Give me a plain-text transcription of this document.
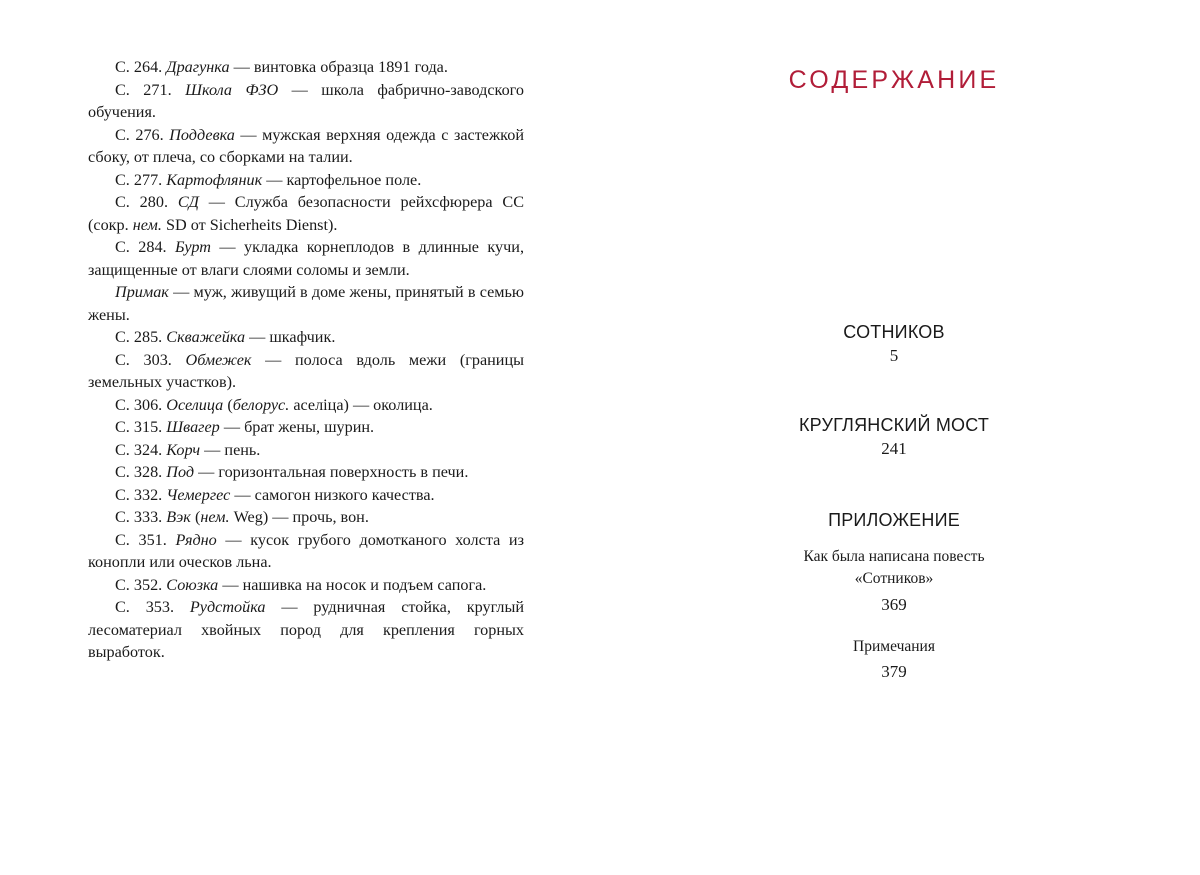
С. 264. Драгунка — винтовка образца 1891 года.

С. 271. Школа ФЗО — школа фабрично-заводского обучения.

С. 276. Поддевка — мужская верхняя одежда с застежкой сбоку, от плеча, со сборками на талии.

С. 277. Картофляник — картофельное поле.

С. 280. СД — Служба безопасности рейхсфюрера СС (сокр. нем. SD от Sicherheits Dienst).

С. 284. Бурт — укладка корнеплодов в длинные кучи, защищенные от влаги слоями соломы и земли.

Примак — муж, живущий в доме жены, принятый в семью жены.

С. 285. Скважейка — шкафчик.

С. 303. Обмежек — полоса вдоль межи (границы земельных участков).

С. 306. Оселица (белорус. аселіца) — околица.

С. 315. Швагер — брат жены, шурин.

С. 324. Корч — пень.

С. 328. Под — горизонтальная поверхность в печи.

С. 332. Чемергес — самогон низкого качества.

С. 333. Вэк (нем. Weg) — прочь, вон.

С. 351. Рядно — кусок грубого домотканого холста из конопли или оческов льна.

С. 352. Союзка — нашивка на носок и подъем сапога.

С. 353. Рудстойка — рудничная стойка, круглый лесоматериал хвойных пород для крепления горных выработок.

СОДЕРЖАНИЕ
СОТНИКОВ
5
КРУГЛЯНСКИЙ МОСТ
241
ПРИЛОЖЕНИЕ
Как была написана повесть
«Сотников»
369
Примечания
379
